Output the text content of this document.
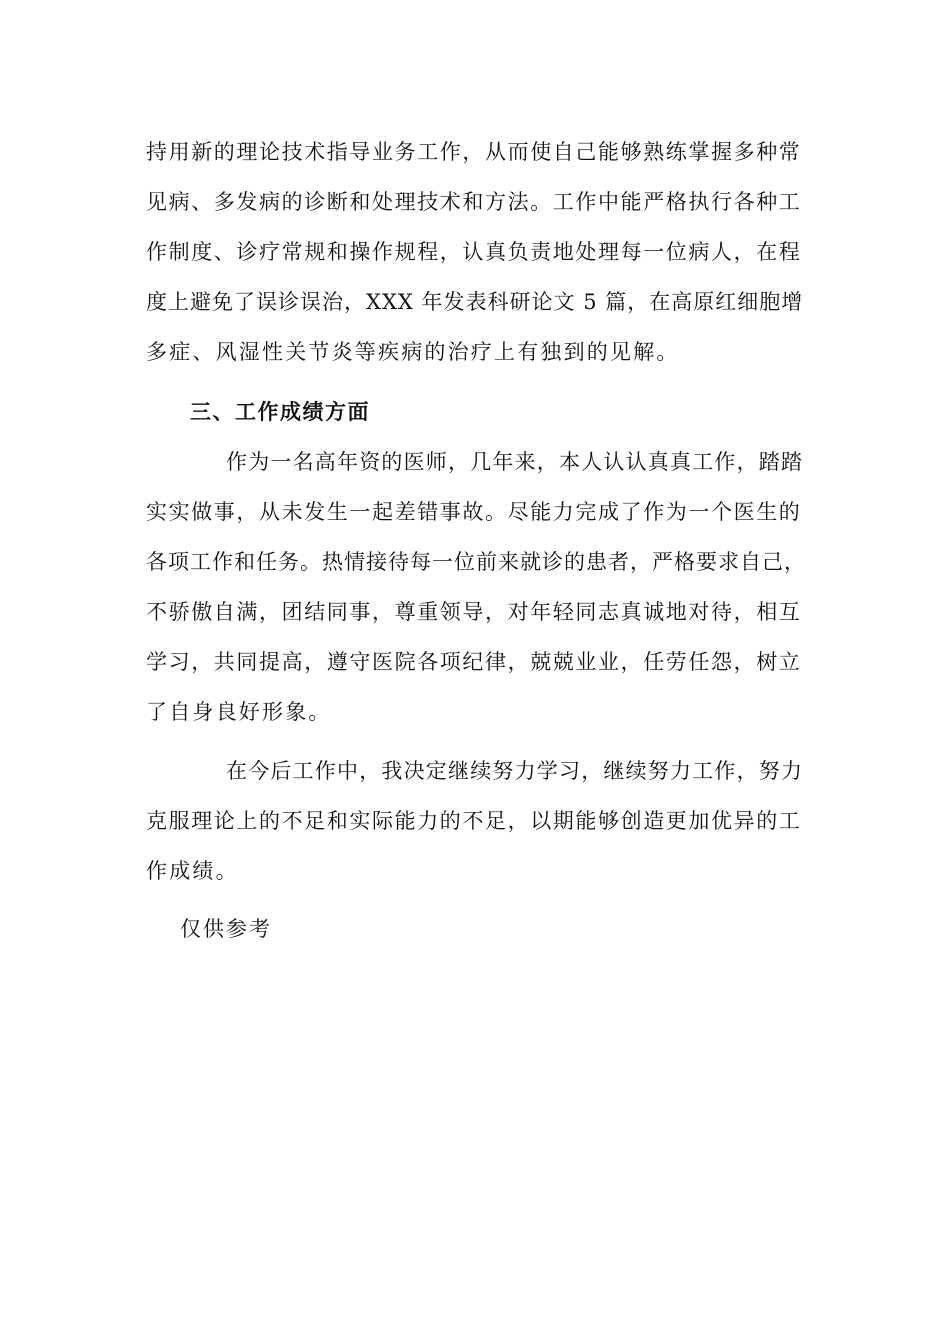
持用新的理论技术指导业务工作，从而使自己能够熟练掌握多种常
见病、多发病的诊断和处理技术和方法。工作中能严格执行各种工
作制度、诊疗常规和操作规程，认真负责地处理每一位病人，在程
度上避免了误诊误治，XXX 年发表科研论文 5 篇，在高原红细胞增
多症、风湿性关节炎等疾病的治疗上有独到的见解。
三、工作成绩方面
作为一名高年资的医师，几年来，本人认认真真工作，踏踏
实实做事，从未发生一起差错事故。尽能力完成了作为一个医生的
各项工作和任务。热情接待每一位前来就诊的患者，严格要求自己，
不骄傲自满，团结同事，尊重领导，对年轻同志真诚地对待，相互
学习，共同提高，遵守医院各项纪律，兢兢业业，任劳任怨，树立
了自身良好形象。
在今后工作中，我决定继续努力学习，继续努力工作，努力
克服理论上的不足和实际能力的不足，以期能够创造更加优异的工
作成绩。
仅供参考
